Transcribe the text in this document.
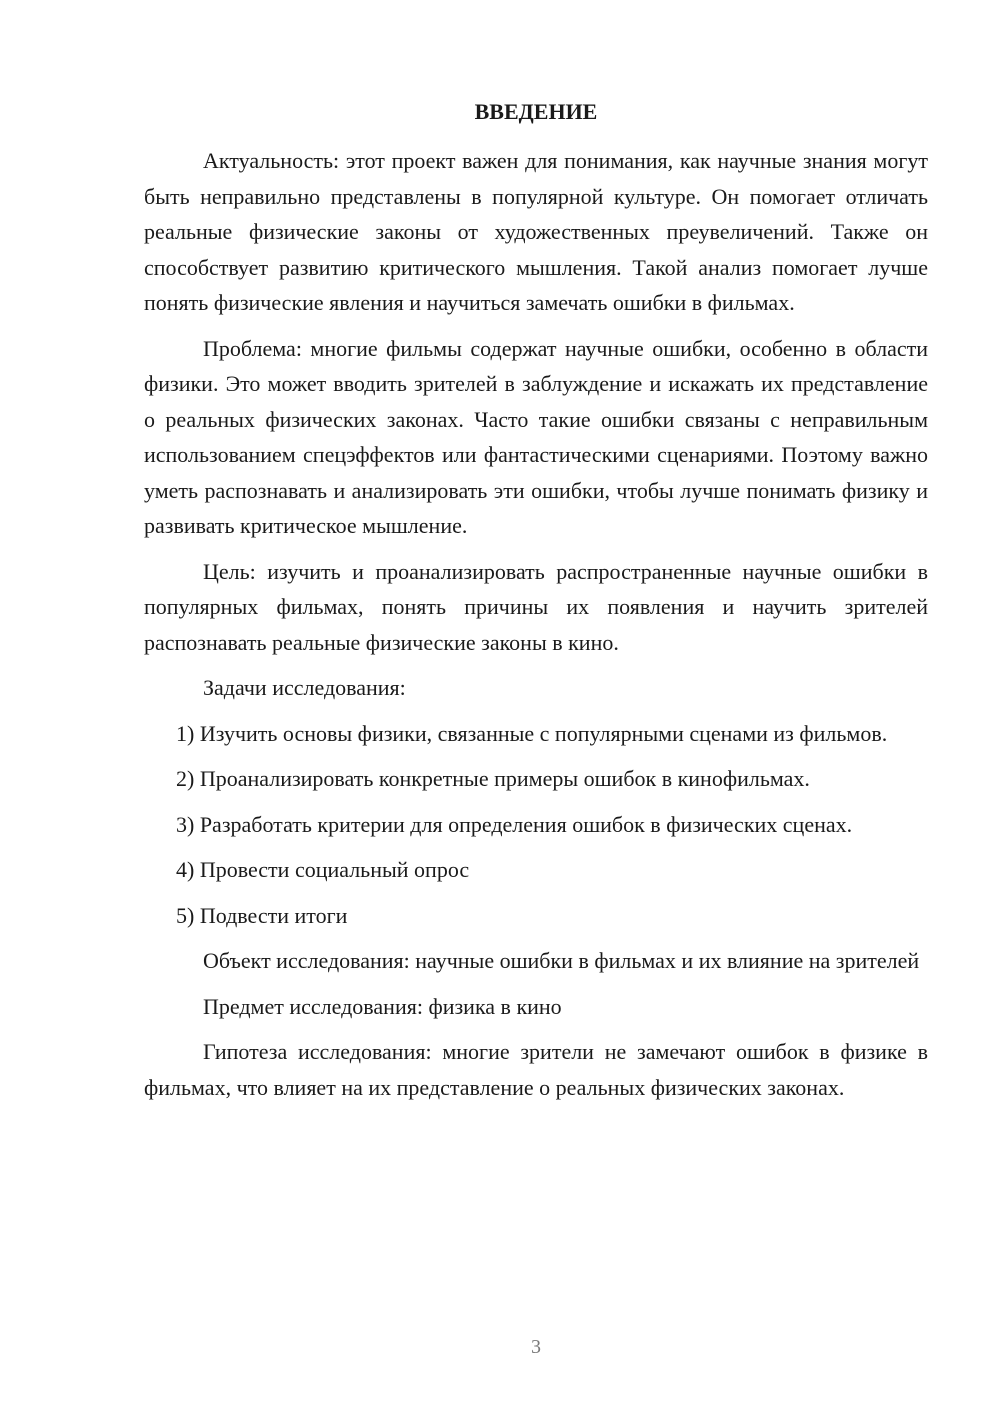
ВВЕДЕНИЕ

Актуальность: этот проект важен для понимания, как научные знания могут быть неправильно представлены в популярной культуре. Он помогает отличать реальные физические законы от художественных преувеличений. Также он способствует развитию критического мышления. Такой анализ помогает лучше понять физические явления и научиться замечать ошибки в фильмах.

Проблема: многие фильмы содержат научные ошибки, особенно в области физики. Это может вводить зрителей в заблуждение и искажать их представление о реальных физических законах. Часто такие ошибки связаны с неправильным использованием спецэффектов или фантастическими сценариями. Поэтому важно уметь распознавать и анализировать эти ошибки, чтобы лучше понимать физику и развивать критическое мышление.

Цель: изучить и проанализировать распространенные научные ошибки в популярных фильмах, понять причины их появления и научить зрителей распознавать реальные физические законы в кино.

Задачи исследования:

1) Изучить основы физики, связанные с популярными сценами из фильмов.

2) Проанализировать конкретные примеры ошибок в кинофильмах.

3) Разработать критерии для определения ошибок в физических сценах.

4) Провести социальный опрос

5) Подвести итоги

Объект исследования: научные ошибки в фильмах и их влияние на зрителей

Предмет исследования: физика в кино

Гипотеза исследования: многие зрители не замечают ошибок в физике в фильмах, что влияет на их представление о реальных физических законах.

3
